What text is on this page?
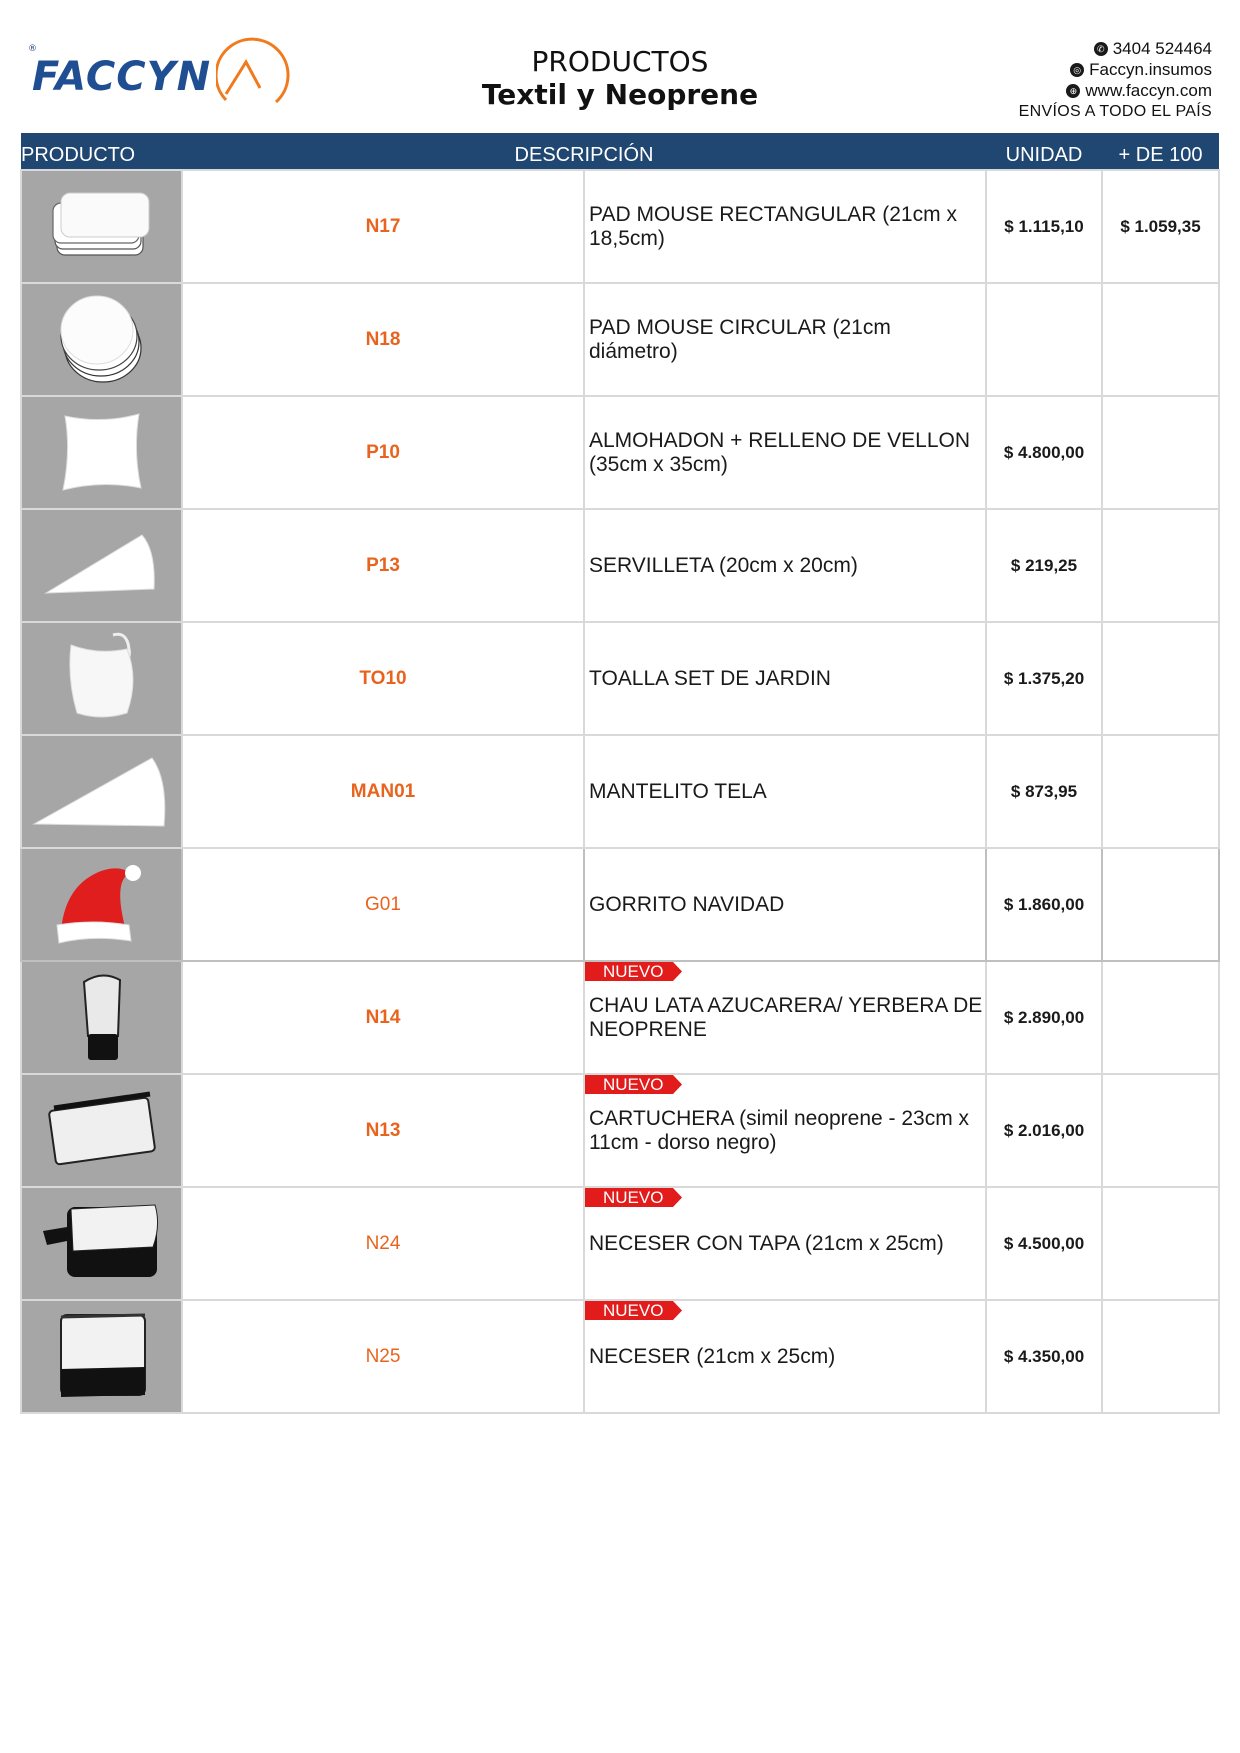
®
FACCYN	PRODUCTOS
Textil y Neoprene
✆ 3404 524464
◎ Faccyn.insumos
⊕ www.faccyn.com
ENVÍOS A TODO EL PAÍS
PRODUCTO	DESCRIPCIÓN		UNIDAD	+ DE 100

	N17	PAD MOUSE RECTANGULAR (21cm x 18,5cm)	$ 1.115,10	$ 1.059,35

	N18	PAD MOUSE CIRCULAR (21cm diámetro)		

	P10	ALMOHADON + RELLENO DE VELLON (35cm x 35cm)	$ 4.800,00	

	P13	SERVILLETA (20cm x 20cm)	$ 219,25	

	TO10	TOALLA SET DE JARDIN	$ 1.375,20	

	MAN01	MANTELITO TELA	$ 873,95	

	G01	GORRITO NAVIDAD	$ 1.860,00	

	N14	NUEVO
CHAU LATA AZUCARERA/ YERBERA DE NEOPRENE	$ 2.890,00	

	N13	NUEVO
CARTUCHERA (simil neoprene - 23cm x 11cm - dorso negro)	$ 2.016,00	

	N24	NUEVO
NECESER CON TAPA (21cm x 25cm)	$ 4.500,00	

	N25	NUEVO
NECESER (21cm x 25cm)	$ 4.350,00	
